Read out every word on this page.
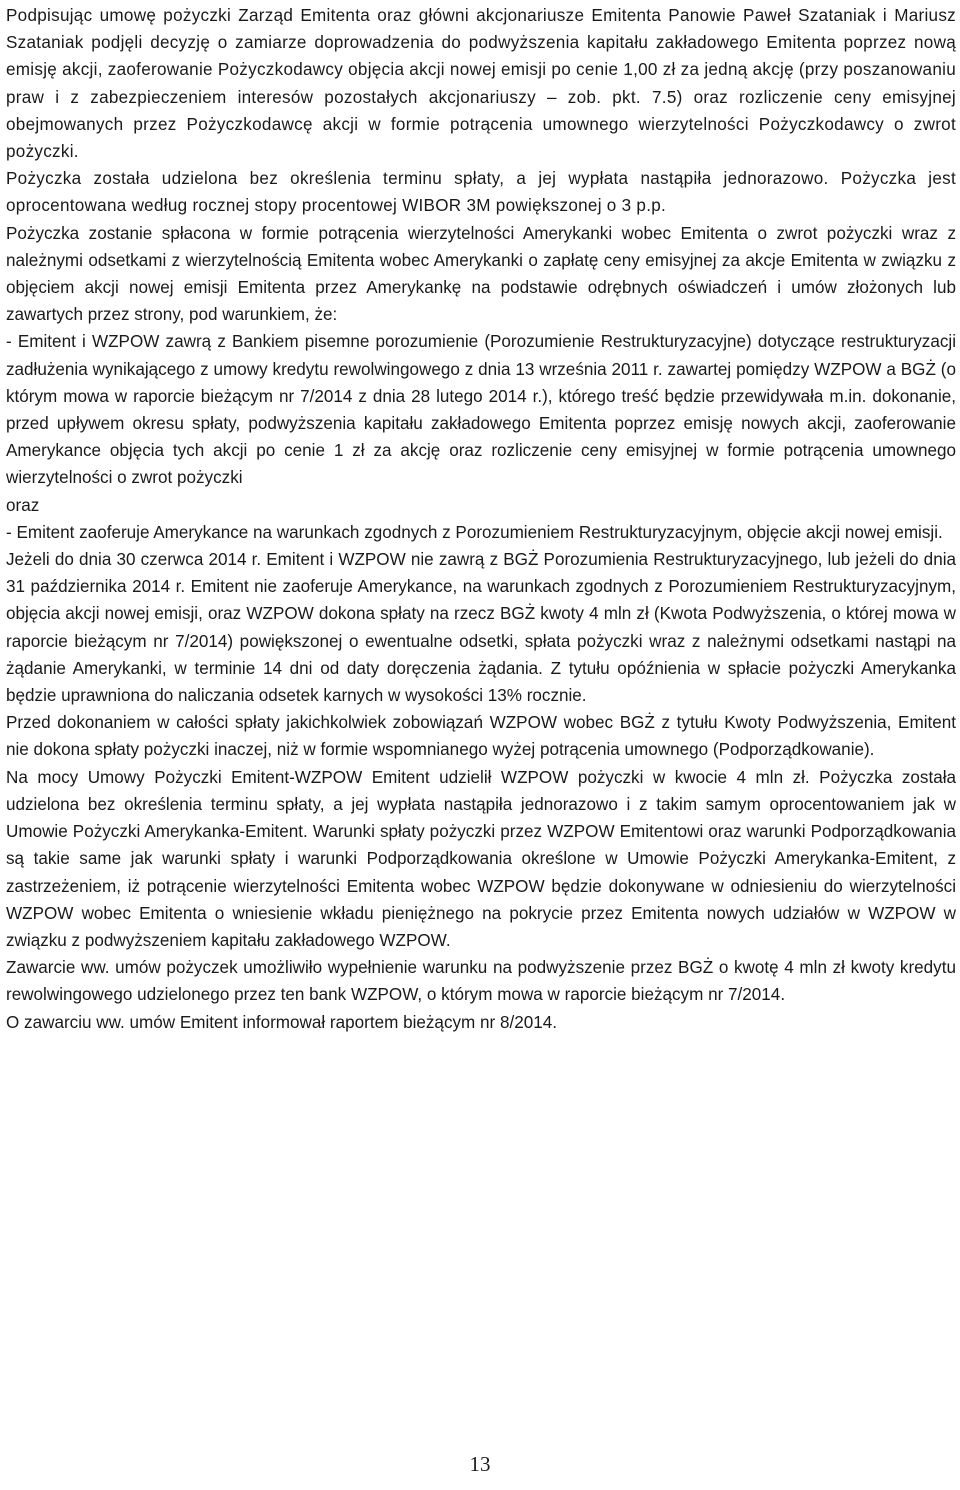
Podpisując umowę pożyczki Zarząd Emitenta oraz główni akcjonariusze Emitenta Panowie Paweł Szataniak i Mariusz Szataniak podjęli decyzję o zamiarze doprowadzenia do podwyższenia kapitału zakładowego Emitenta poprzez nową emisję akcji, zaoferowanie Pożyczkodawcy objęcia akcji nowej emisji po cenie 1,00 zł za jedną akcję (przy poszanowaniu praw i z zabezpieczeniem interesów pozostałych akcjonariuszy – zob. pkt. 7.5) oraz rozliczenie ceny emisyjnej obejmowanych przez Pożyczkodawcę akcji w formie potrącenia umownego wierzytelności Pożyczkodawcy o zwrot pożyczki.

Pożyczka została udzielona bez określenia terminu spłaty, a jej wypłata nastąpiła jednorazowo. Pożyczka jest oprocentowana według rocznej stopy procentowej WIBOR 3M powiększonej o 3 p.p.

Pożyczka zostanie spłacona w formie potrącenia wierzytelności Amerykanki wobec Emitenta o zwrot pożyczki wraz z należnymi odsetkami z wierzytelnością Emitenta wobec Amerykanki o zapłatę ceny emisyjnej za akcje Emitenta w związku z objęciem akcji nowej emisji Emitenta przez Amerykankę na podstawie odrębnych oświadczeń i umów złożonych lub zawartych przez strony, pod warunkiem, że:

- Emitent i WZPOW zawrą z Bankiem pisemne porozumienie (Porozumienie Restrukturyzacyjne) dotyczące restrukturyzacji zadłużenia wynikającego z umowy kredytu rewolwingowego z dnia 13 września 2011 r. zawartej pomiędzy WZPOW a BGŻ (o którym mowa w raporcie bieżącym nr 7/2014 z dnia 28 lutego 2014 r.), którego treść będzie przewidywała m.in. dokonanie, przed upływem okresu spłaty, podwyższenia kapitału zakładowego Emitenta poprzez emisję nowych akcji, zaoferowanie Amerykance objęcia tych akcji po cenie 1 zł za akcję oraz rozliczenie ceny emisyjnej w formie potrącenia umownego wierzytelności o zwrot pożyczki

oraz

- Emitent zaoferuje Amerykance na warunkach zgodnych z Porozumieniem Restrukturyzacyjnym, objęcie akcji nowej emisji.

Jeżeli do dnia 30 czerwca 2014 r. Emitent i WZPOW nie zawrą z BGŻ Porozumienia Restrukturyzacyjnego, lub jeżeli do dnia 31 października 2014 r. Emitent nie zaoferuje Amerykance, na warunkach zgodnych z Porozumieniem Restrukturyzacyjnym, objęcia akcji nowej emisji, oraz WZPOW dokona spłaty na rzecz BGŻ kwoty 4 mln zł (Kwota Podwyższenia, o której mowa w raporcie bieżącym nr 7/2014) powiększonej o ewentualne odsetki, spłata pożyczki wraz z należnymi odsetkami nastąpi na żądanie Amerykanki, w terminie 14 dni od daty doręczenia żądania. Z tytułu opóźnienia w spłacie pożyczki Amerykanka będzie uprawniona do naliczania odsetek karnych w wysokości 13% rocznie.

Przed dokonaniem w całości spłaty jakichkolwiek zobowiązań WZPOW wobec BGŻ z tytułu Kwoty Podwyższenia, Emitent nie dokona spłaty pożyczki inaczej, niż w formie wspomnianego wyżej potrącenia umownego (Podporządkowanie).

Na mocy Umowy Pożyczki Emitent-WZPOW Emitent udzielił WZPOW pożyczki w kwocie 4 mln zł. Pożyczka została udzielona bez określenia terminu spłaty, a jej wypłata nastąpiła jednorazowo i z takim samym oprocentowaniem jak w Umowie Pożyczki Amerykanka-Emitent. Warunki spłaty pożyczki przez WZPOW Emitentowi oraz warunki Podporządkowania są takie same jak warunki spłaty i warunki Podporządkowania określone w Umowie Pożyczki Amerykanka-Emitent, z zastrzeżeniem, iż potrącenie wierzytelności Emitenta wobec WZPOW będzie dokonywane w odniesieniu do wierzytelności WZPOW wobec Emitenta o wniesienie wkładu pieniężnego na pokrycie przez Emitenta nowych udziałów w WZPOW w związku z podwyższeniem kapitału zakładowego WZPOW.

Zawarcie ww. umów pożyczek umożliwiło wypełnienie warunku na podwyższenie przez BGŻ o kwotę 4 mln zł kwoty kredytu rewolwingowego udzielonego przez ten bank WZPOW, o którym mowa w raporcie bieżącym nr 7/2014.

O zawarciu ww. umów Emitent informował raportem bieżącym nr 8/2014.

13
